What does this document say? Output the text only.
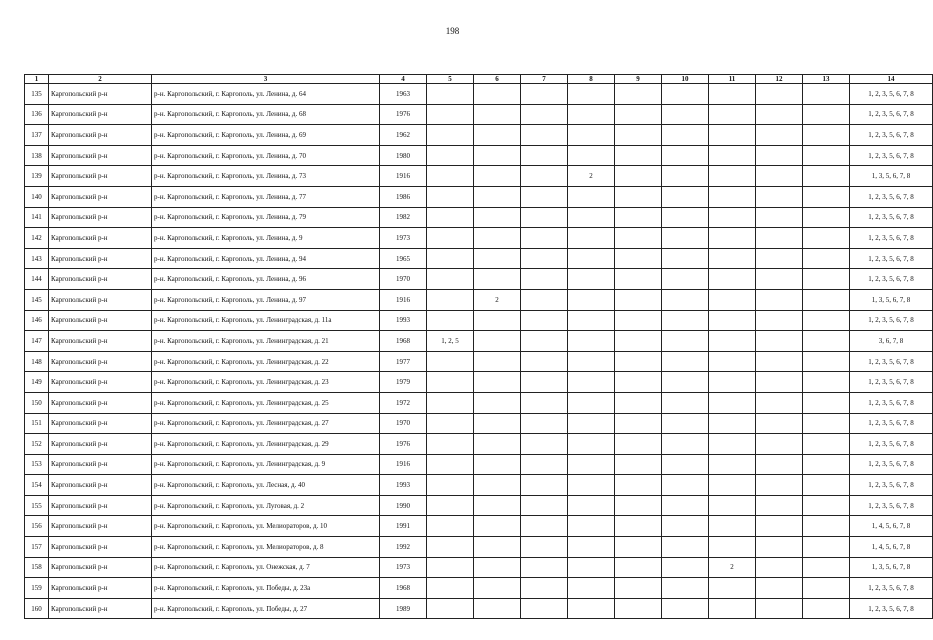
198
1	2	3	4	5	6	7	8	9	10	11	12	13	14
135	Каргопольский р-н	р-н. Каргопольский, г. Каргополь, ул. Ленина, д. 64	1963										1, 2, 3, 5, 6, 7, 8
136	Каргопольский р-н	р-н. Каргопольский, г. Каргополь, ул. Ленина, д. 68	1976										1, 2, 3, 5, 6, 7, 8
137	Каргопольский р-н	р-н. Каргопольский, г. Каргополь, ул. Ленина, д. 69	1962										1, 2, 3, 5, 6, 7, 8
138	Каргопольский р-н	р-н. Каргопольский, г. Каргополь, ул. Ленина, д. 70	1980										1, 2, 3, 5, 6, 7, 8
139	Каргопольский р-н	р-н. Каргопольский, г. Каргополь, ул. Ленина, д. 73	1916				2						1, 3, 5, 6, 7, 8
140	Каргопольский р-н	р-н. Каргопольский, г. Каргополь, ул. Ленина, д. 77	1986										1, 2, 3, 5, 6, 7, 8
141	Каргопольский р-н	р-н. Каргопольский, г. Каргополь, ул. Ленина, д. 79	1982										1, 2, 3, 5, 6, 7, 8
142	Каргопольский р-н	р-н. Каргопольский, г. Каргополь, ул. Ленина, д. 9	1973										1, 2, 3, 5, 6, 7, 8
143	Каргопольский р-н	р-н. Каргопольский, г. Каргополь, ул. Ленина, д. 94	1965										1, 2, 3, 5, 6, 7, 8
144	Каргопольский р-н	р-н. Каргопольский, г. Каргополь, ул. Ленина, д. 96	1970										1, 2, 3, 5, 6, 7, 8
145	Каргопольский р-н	р-н. Каргопольский, г. Каргополь, ул. Ленина, д. 97	1916		2								1, 3, 5, 6, 7, 8
146	Каргопольский р-н	р-н. Каргопольский, г. Каргополь, ул. Ленинградская, д. 11а	1993										1, 2, 3, 5, 6, 7, 8
147	Каргопольский р-н	р-н. Каргопольский, г. Каргополь, ул. Ленинградская, д. 21	1968	1, 2, 5									3, 6, 7, 8
148	Каргопольский р-н	р-н. Каргопольский, г. Каргополь, ул. Ленинградская, д. 22	1977										1, 2, 3, 5, 6, 7, 8
149	Каргопольский р-н	р-н. Каргопольский, г. Каргополь, ул. Ленинградская, д. 23	1979										1, 2, 3, 5, 6, 7, 8
150	Каргопольский р-н	р-н. Каргопольский, г. Каргополь, ул. Ленинградская, д. 25	1972										1, 2, 3, 5, 6, 7, 8
151	Каргопольский р-н	р-н. Каргопольский, г. Каргополь, ул. Ленинградская, д. 27	1970										1, 2, 3, 5, 6, 7, 8
152	Каргопольский р-н	р-н. Каргопольский, г. Каргополь, ул. Ленинградская, д. 29	1976										1, 2, 3, 5, 6, 7, 8
153	Каргопольский р-н	р-н. Каргопольский, г. Каргополь, ул. Ленинградская, д. 9	1916										1, 2, 3, 5, 6, 7, 8
154	Каргопольский р-н	р-н. Каргопольский, г. Каргополь, ул. Лесная, д. 40	1993										1, 2, 3, 5, 6, 7, 8
155	Каргопольский р-н	р-н. Каргопольский, г. Каргополь, ул. Луговая, д. 2	1990										1, 2, 3, 5, 6, 7, 8
156	Каргопольский р-н	р-н. Каргопольский, г. Каргополь, ул. Мелиораторов, д. 10	1991										1, 4, 5, 6, 7, 8
157	Каргопольский р-н	р-н. Каргопольский, г. Каргополь, ул. Мелиораторов, д. 8	1992										1, 4, 5, 6, 7, 8
158	Каргопольский р-н	р-н. Каргопольский, г. Каргополь, ул. Онежская, д. 7	1973							2			1, 3, 5, 6, 7, 8
159	Каргопольский р-н	р-н. Каргопольский, г. Каргополь, ул. Победы, д. 23а	1968										1, 2, 3, 5, 6, 7, 8
160	Каргопольский р-н	р-н. Каргопольский, г. Каргополь, ул. Победы, д. 27	1989										1, 2, 3, 5, 6, 7, 8
